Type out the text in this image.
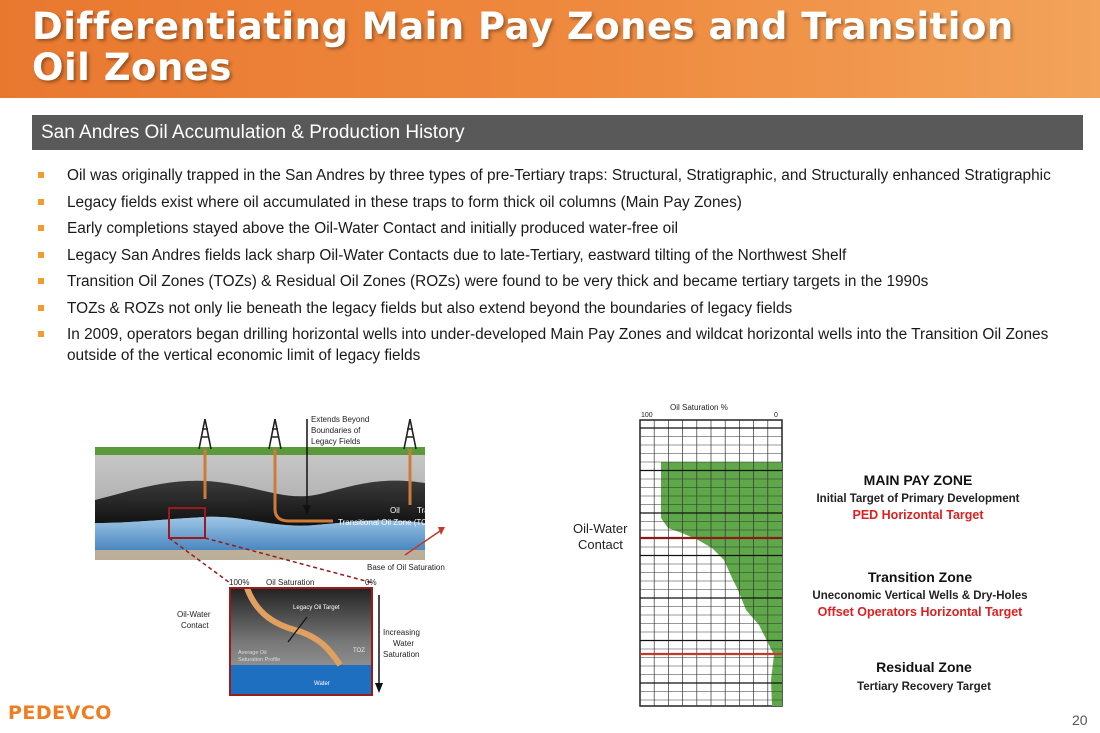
Differentiating Main Pay Zones and Transition Oil Zones
San Andres Oil Accumulation & Production History
Oil was originally trapped in the San Andres by three types of pre-Tertiary traps: Structural, Stratigraphic, and Structurally enhanced Stratigraphic
Legacy fields exist where oil accumulated in these traps to form thick oil columns (Main Pay Zones)
Early completions stayed above the Oil-Water Contact and initially produced water-free oil
Legacy San Andres fields lack sharp Oil-Water Contacts due to late-Tertiary, eastward tilting of the Northwest Shelf
Transition Oil Zones (TOZs) & Residual Oil Zones (ROZs) were found to be very thick and became tertiary targets in the 1990s
TOZs & ROZs not only lie beneath the legacy fields but also extend beyond the boundaries of legacy fields
In 2009, operators began drilling horizontal wells into under-developed Main Pay Zones and wildcat horizontal wells into the Transition Oil Zones outside of the vertical economic limit of legacy fields
Extends Beyond
Boundaries of
Legacy Fields
Oil Trap
Transitional Oil Zone (TOZ)
Base of Oil Saturation
100% Oil Saturation	0%
Oil-Water
Contact
Legacy Oil Target
Average Oil
Saturation Profile
TOZ
Water
Increasing
Water
Saturation
Oil Saturation %
100	0
Oil-Water
Contact
MAIN PAY ZONE
Initial Target of Primary Development
PED Horizontal Target
Transition Zone
Uneconomic Vertical Wells & Dry-Holes
Offset Operators Horizontal Target
Residual Zone
Tertiary Recovery Target
PEDEVCO	20
